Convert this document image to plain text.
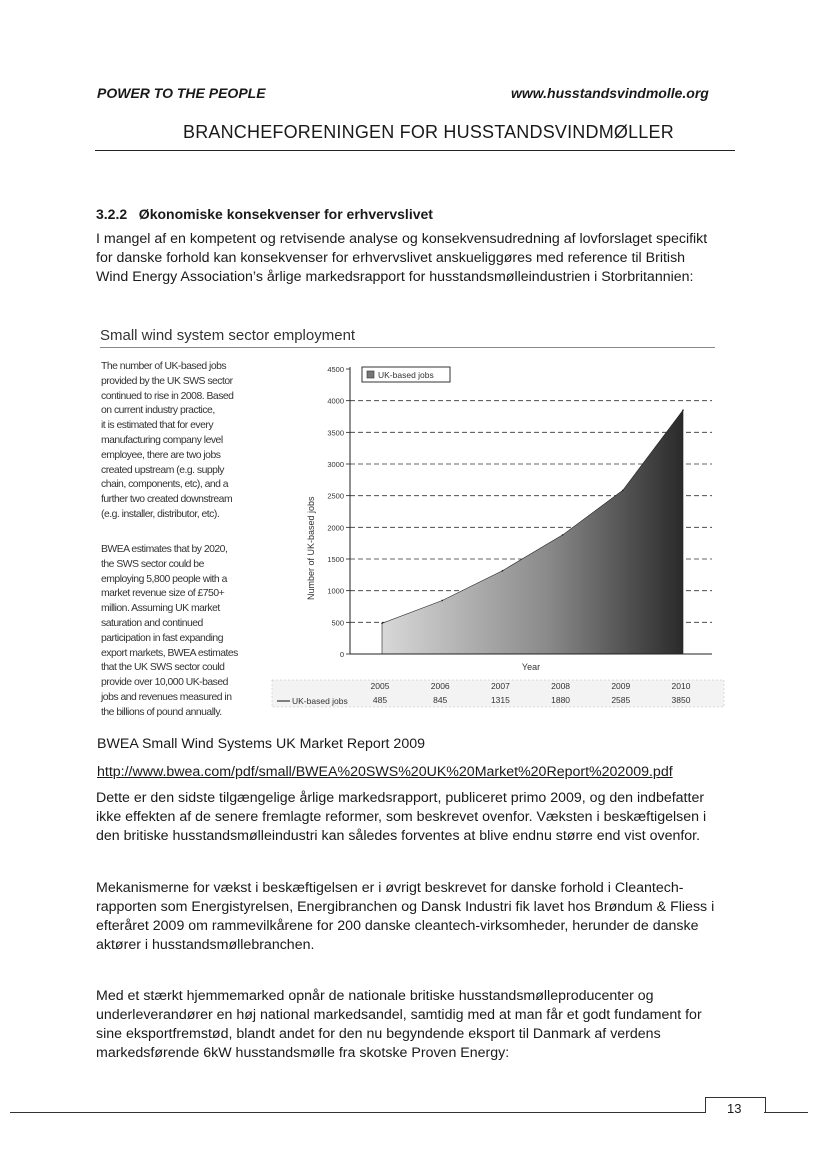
POWER TO THE PEOPLE	www.husstandsvindmolle.org
BRANCHEFORENINGEN FOR HUSSTANDSVINDMØLLER
3.2.2   Økonomiske konsekvenser for erhvervslivet

I mangel af en kompetent og retvisende analyse og konsekvensudredning af lovforslaget specifikt

for danske forhold kan konsekvenser for erhvervslivet anskueliggøres med reference til British

Wind Energy Association’s årlige markedsrapport for husstandsmølleindustrien i Storbritannien:

Small wind system sector employment
The number of UK-based jobs
provided by the UK SWS sector
continued to rise in 2008. Based
on current industry practice,
it is estimated that for every
manufacturing company level
employee, there are two jobs
created upstream (e.g. supply
chain, components, etc), and a
further two created downstream
(e.g. installer, distributor, etc).
BWEA estimates that by 2020,
the SWS sector could be
employing 5,800 people with a
market revenue size of £750+
million. Assuming UK market
saturation and continued
participation in fast expanding
export markets, BWEA estimates
that the UK SWS sector could
provide over 10,000 UK-based
jobs and revenues measured in
the billions of pound annually.
0
500
1000
1500
2000
2500
3000
3500
4000
4500
Number of UK-based jobs
Year
UK-based jobs
UK-based jobs
2005
485
2006
845
2007
1315
2008
1880
2009
2585
2010
3850
BWEA Small Wind Systems UK Market Report 2009
http://www.bwea.com/pdf/small/BWEA%20SWS%20UK%20Market%20Report%202009.pdf

Dette er den sidste tilgængelige årlige markedsrapport, publiceret primo 2009, og den indbefatter

ikke effekten af de senere fremlagte reformer, som beskrevet ovenfor. Væksten i beskæftigelsen i

den britiske husstandsmølleindustri kan således forventes at blive endnu større end vist ovenfor.

Mekanismerne for vækst i beskæftigelsen er i øvrigt beskrevet for danske forhold i Cleantech-

rapporten som Energistyrelsen, Energibranchen og Dansk Industri fik lavet hos Brøndum & Fliess i

efteråret 2009 om rammevilkårene for 200 danske cleantech-virksomheder, herunder de danske

aktører i husstandsmøllebranchen.

Med et stærkt hjemmemarked opnår de nationale britiske husstandsmølleproducenter og

underleverandører en høj national markedsandel, samtidig med at man får et godt fundament for

sine eksportfremstød, blandt andet for den nu begyndende eksport til Danmark af verdens

markedsførende 6kW husstandsmølle fra skotske Proven Energy:

13
